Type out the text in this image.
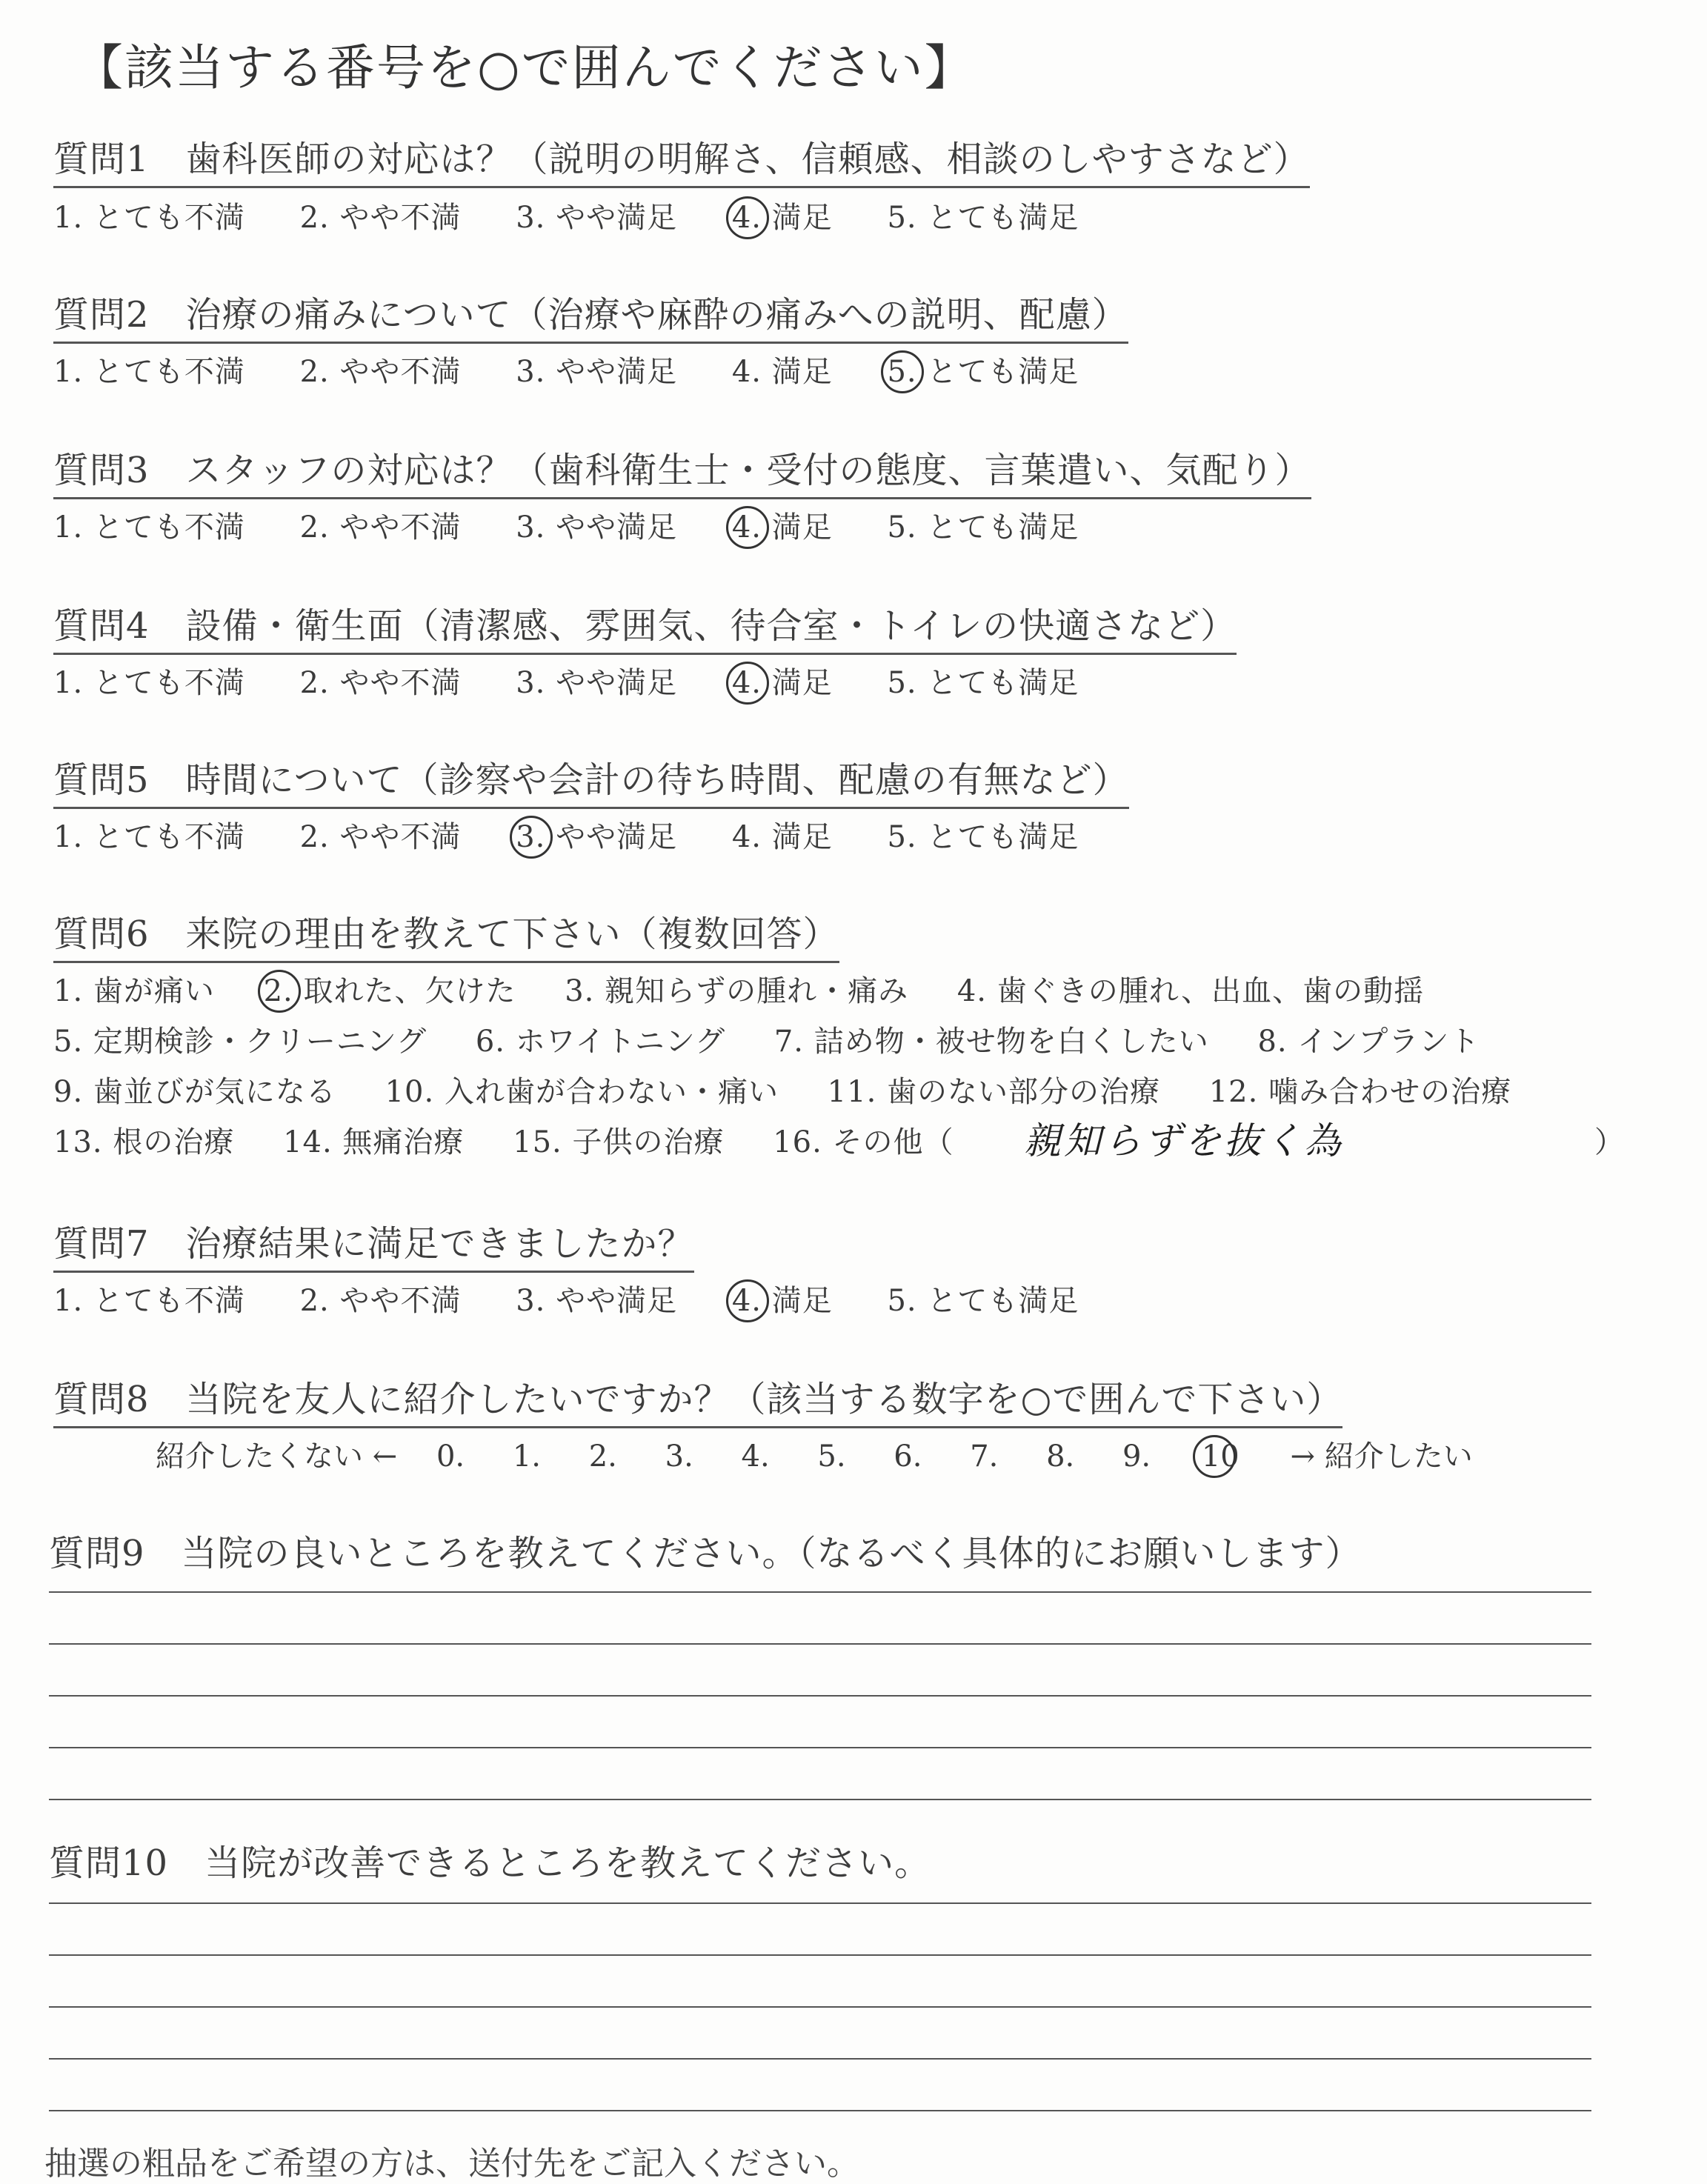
【該当する番号を○で囲んでください】
質問1　歯科医師の対応は？（説明の明解さ、信頼感、相談のしやすさなど）
1. とても不満 2. やや不満 3. やや満足 4. 満足 5. とても満足
質問2　治療の痛みについて（治療や麻酔の痛みへの説明、配慮）
1. とても不満 2. やや不満 3. やや満足 4. 満足 5. とても満足
質問3　スタッフの対応は？（歯科衛生士・受付の態度、言葉遣い、気配り）
1. とても不満 2. やや不満 3. やや満足 4. 満足 5. とても満足
質問4　設備・衛生面（清潔感、雰囲気、待合室・トイレの快適さなど）
1. とても不満 2. やや不満 3. やや満足 4. 満足 5. とても満足
質問5　時間について（診察や会計の待ち時間、配慮の有無など）
1. とても不満 2. やや不満 3. やや満足 4. 満足 5. とても満足
質問6　来院の理由を教えて下さい（複数回答）
1. 歯が痛い 2. 取れた、欠けた 3. 親知らずの腫れ・痛み 4. 歯ぐきの腫れ、出血、歯の動揺
5. 定期検診・クリーニング 6. ホワイトニング 7. 詰め物・被せ物を白くしたい 8. インプラント
9. 歯並びが気になる 10. 入れ歯が合わない・痛い 11. 歯のない部分の治療 12. 噛み合わせの治療
13. 根の治療 14. 無痛治療 15. 子供の治療 16. その他（	親知らずを抜く為	）
質問7　治療結果に満足できましたか？
1. とても不満 2. やや不満 3. やや満足 4. 満足 5. とても満足
質問8　当院を友人に紹介したいですか？（該当する数字を○で囲んで下さい）
紹介したくない ← 0. 1. 2. 3. 4. 5. 6. 7. 8. 9. 10 → 紹介したい
質問9　当院の良いところを教えてください。（なるべく具体的にお願いします）
質問10　当院が改善できるところを教えてください。
抽選の粗品をご希望の方は、送付先をご記入ください。
